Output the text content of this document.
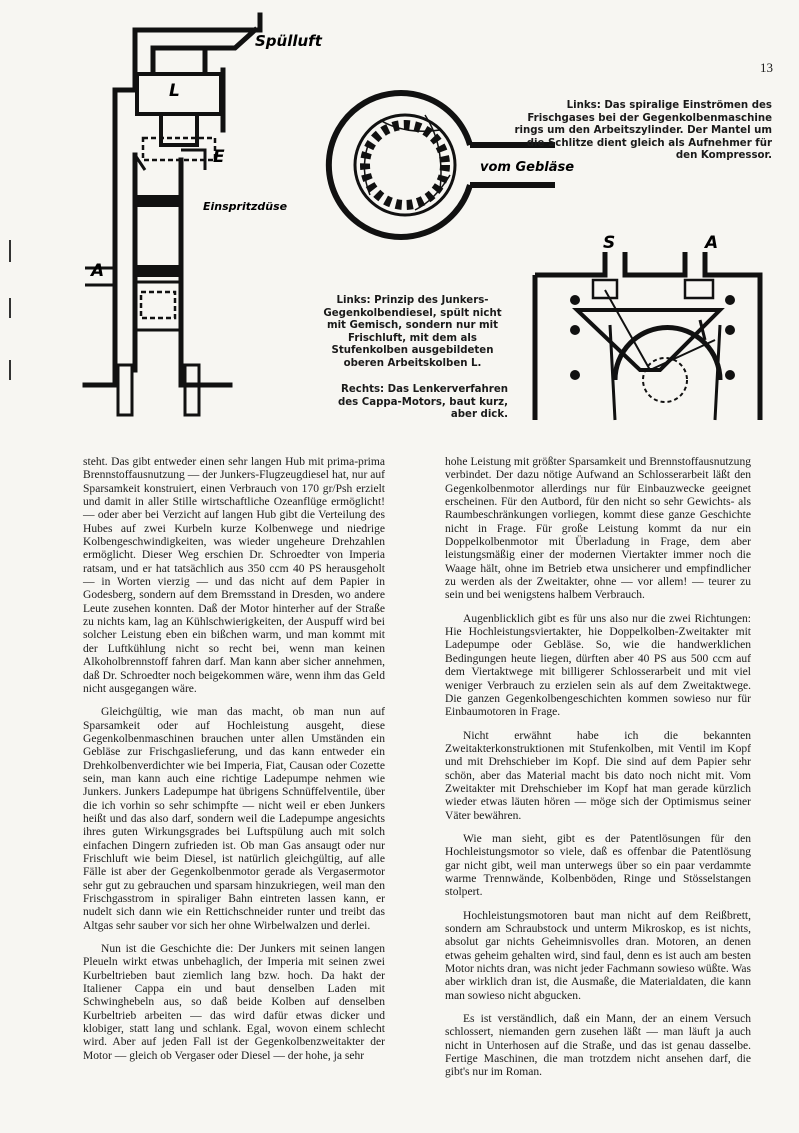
13
Spülluft
L
E
Einspritzdüse
A
vom Gebläse
Links: Das spiralige Einströmen des Frischgases bei der Gegenkolbenmaschine rings um den Arbeitszylinder. Der Mantel um die Schlitze dient gleich als Aufnehmer für den Kompressor.
S	A
Links: Prinzip des Junkers-Gegenkolbendiesel, spült nicht mit Gemisch, sondern nur mit Frischluft, mit dem als Stufenkolben ausgebildeten oberen Arbeitskolben L.
Rechts: Das Lenkerverfahren des Cappa-Motors, baut kurz, aber dick.

steht. Das gibt entweder einen sehr langen Hub mit prima-prima Brennstoffausnutzung — der Junkers-Flugzeugdiesel hat, nur auf Sparsamkeit konstruiert, einen Verbrauch von 170 gr/Psh erzielt und damit in aller Stille wirtschaftliche Ozeanflüge ermöglicht! — oder aber bei Verzicht auf langen Hub gibt die Verteilung des Hubes auf zwei Kurbeln kurze Kolbenwege und niedrige Kolbengeschwindigkeiten, was wieder ungeheure Drehzahlen ermöglicht. Dieser Weg erschien Dr. Schroedter von Imperia ratsam, und er hat tatsächlich aus 350 ccm 40 PS herausgeholt — in Worten vierzig — und das nicht auf dem Papier in Godesberg, sondern auf dem Bremsstand in Dresden, wo andere Leute zusehen konnten. Daß der Motor hinterher auf der Straße zu nichts kam, lag an Kühlschwierigkeiten, der Auspuff wird bei solcher Leistung eben ein bißchen warm, und man kommt mit der Luftkühlung nicht so recht bei, wenn man keinen Alkoholbrennstoff fahren darf. Man kann aber sicher annehmen, daß Dr. Schroedter noch beigekommen wäre, wenn ihm das Geld nicht ausgegangen wäre.

Gleichgültig, wie man das macht, ob man nun auf Sparsamkeit oder auf Hochleistung ausgeht, diese Gegenkolbenmaschinen brauchen unter allen Umständen ein Gebläse zur Frischgaslieferung, und das kann entweder ein Drehkolbenverdichter wie bei Imperia, Fiat, Causan oder Cozette sein, man kann auch eine richtige Ladepumpe nehmen wie Junkers. Junkers Ladepumpe hat übrigens Schnüffelventile, über die ich vorhin so sehr schimpfte — nicht weil er eben Junkers heißt und das also darf, sondern weil die Ladepumpe angesichts ihres guten Wirkungsgrades bei Luftspülung auch mit solch einfachen Dingern zufrieden ist. Ob man Gas ansaugt oder nur Frischluft wie beim Diesel, ist natürlich gleichgültig, auf alle Fälle ist aber der Gegenkolbenmotor gerade als Vergasermotor sehr gut zu gebrauchen und sparsam hinzukriegen, weil man den Frischgasstrom in spiraliger Bahn eintreten lassen kann, er nudelt sich dann wie ein Rettichschneider runter und treibt das Altgas sehr sauber vor sich her ohne Wirbelwalzen und derlei.

Nun ist die Geschichte die: Der Junkers mit seinen langen Pleueln wirkt etwas unbehaglich, der Imperia mit seinen zwei Kurbeltrieben baut ziemlich lang bzw. hoch. Da hakt der Italiener Cappa ein und baut denselben Laden mit Schwinghebeln aus, so daß beide Kolben auf denselben Kurbeltrieb arbeiten — das wird dafür etwas dicker und klobiger, statt lang und schlank. Egal, wovon einem schlecht wird. Aber auf jeden Fall ist der Gegenkolbenzweitakter der Motor — gleich ob Vergaser oder Diesel — der hohe, ja sehr

hohe Leistung mit größter Sparsamkeit und Brennstoffausnutzung verbindet. Der dazu nötige Aufwand an Schlosserarbeit läßt den Gegenkolbenmotor allerdings nur für Einbauzwecke geeignet erscheinen. Für den Autbord, für den nicht so sehr Gewichts- als Raumbeschränkungen vorliegen, kommt diese ganze Geschichte nicht in Frage. Für große Leistung kommt da nur ein Doppelkolbenmotor mit Überladung in Frage, dem aber leistungsmäßig einer der modernen Viertakter immer noch die Waage hält, ohne im Betrieb etwa unsicherer und empfindlicher zu werden als der Zweitakter, ohne — vor allem! — teurer zu sein und bei wenigstens halbem Verbrauch.

Augenblicklich gibt es für uns also nur die zwei Richtungen: Hie Hochleistungsviertakter, hie Doppelkolben-Zweitakter mit Ladepumpe oder Gebläse. So, wie die handwerklichen Bedingungen heute liegen, dürften aber 40 PS aus 500 ccm auf dem Viertaktwege mit billigerer Schlosserarbeit und mit viel weniger Verbrauch zu erzielen sein als auf dem Zweitaktwege. Die ganzen Gegenkolbengeschichten kommen sowieso nur für Einbaumotoren in Frage.

Nicht erwähnt habe ich die bekannten Zweitakterkonstruktionen mit Stufenkolben, mit Ventil im Kopf und mit Drehschieber im Kopf. Die sind auf dem Papier sehr schön, aber das Material macht bis dato noch nicht mit. Vom Zweitakter mit Drehschieber im Kopf hat man gerade kürzlich wieder etwas läuten hören — möge sich der Optimismus seiner Väter bewähren.

Wie man sieht, gibt es der Patentlösungen für den Hochleistungsmotor so viele, daß es offenbar die Patentlösung gar nicht gibt, weil man unterwegs über so ein paar verdammte warme Trennwände, Kolbenböden, Ringe und Stösselstangen stolpert.

Hochleistungsmotoren baut man nicht auf dem Reißbrett, sondern am Schraubstock und unterm Mikroskop, es ist nichts, absolut gar nichts Geheimnisvolles dran. Motoren, an denen etwas geheim gehalten wird, sind faul, denn es ist auch am besten Motor nichts dran, was nicht jeder Fachmann sowieso wüßte. Was aber wirklich dran ist, die Ausmaße, die Materialdaten, die kann man sowieso nicht abgucken.

Es ist verständlich, daß ein Mann, der an einem Versuch schlossert, niemanden gern zusehen läßt — man läuft ja auch nicht in Unterhosen auf die Straße, und das ist genau dasselbe. Fertige Maschinen, die man trotzdem nicht ansehen darf, die gibt's nur im Roman.
